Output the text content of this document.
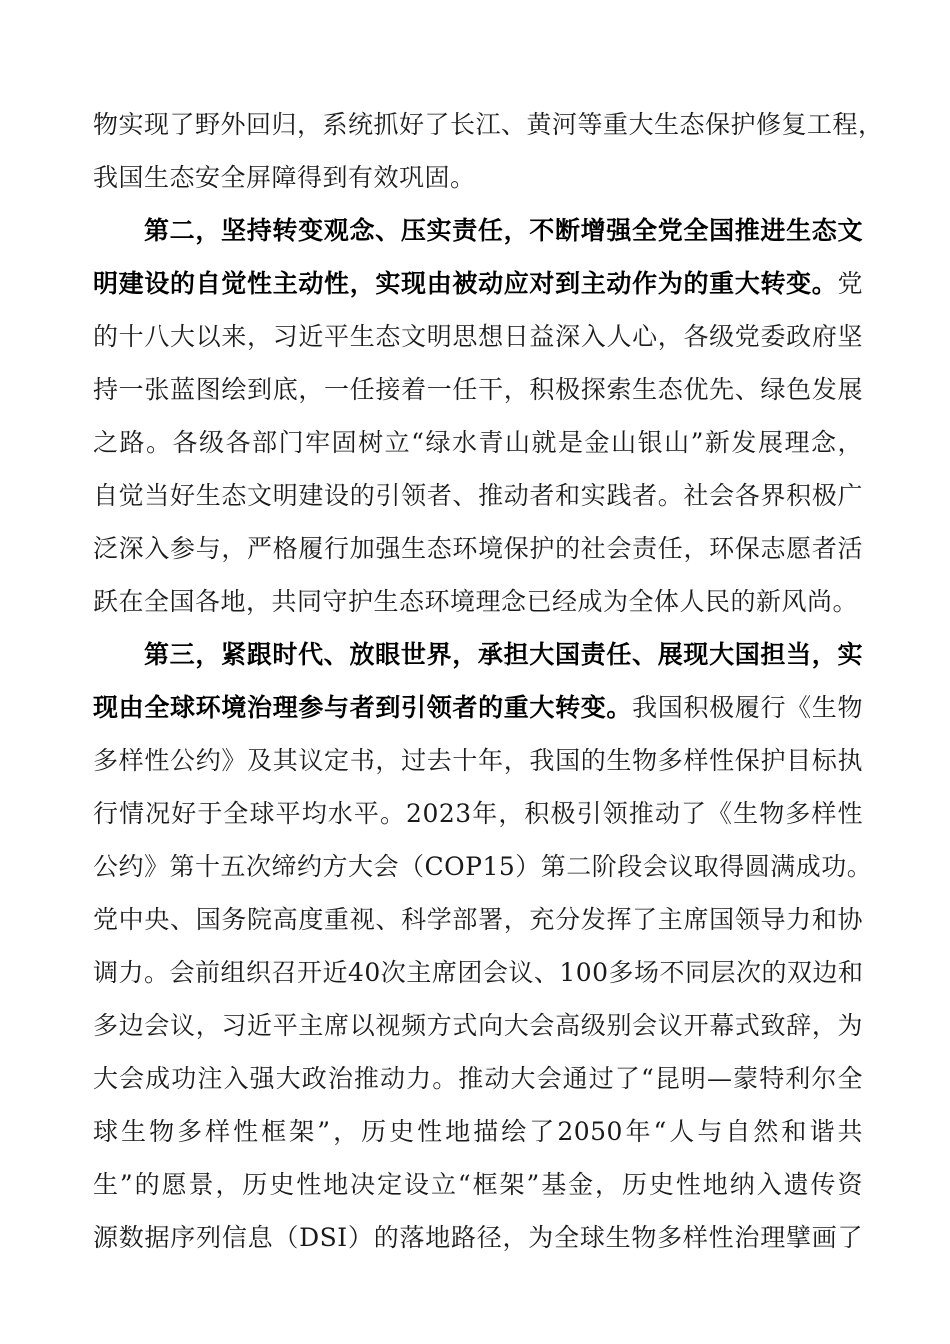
物实现了野外回归，系统抓好了长江、黄河等重大生态保护修复工程，
我国生态安全屏障得到有效巩固。
第二，坚持转变观念、压实责任，不断增强全党全国推进生态文
明建设的自觉性主动性，实现由被动应对到主动作为的重大转变。党
的十八大以来，习近平生态文明思想日益深入人心，各级党委政府坚
持一张蓝图绘到底，一任接着一任干，积极探索生态优先、绿色发展
之路。各级各部门牢固树立“绿水青山就是金山银山”新发展理念，
自觉当好生态文明建设的引领者、推动者和实践者。社会各界积极广
泛深入参与，严格履行加强生态环境保护的社会责任，环保志愿者活
跃在全国各地，共同守护生态环境理念已经成为全体人民的新风尚。
第三，紧跟时代、放眼世界，承担大国责任、展现大国担当，实
现由全球环境治理参与者到引领者的重大转变。我国积极履行《生物
多样性公约》及其议定书，过去十年，我国的生物多样性保护目标执
行情况好于全球平均水平。2023年，积极引领推动了《生物多样性
公约》第十五次缔约方大会（COP15）第二阶段会议取得圆满成功。
党中央、国务院高度重视、科学部署，充分发挥了主席国领导力和协
调力。会前组织召开近40次主席团会议、100多场不同层次的双边和
多边会议，习近平主席以视频方式向大会高级别会议开幕式致辞，为
大会成功注入强大政治推动力。推动大会通过了“昆明—蒙特利尔全
球生物多样性框架”，历史性地描绘了2050年“人与自然和谐共
生”的愿景，历史性地决定设立“框架”基金，历史性地纳入遗传资
源数据序列信息（DSI）的落地路径，为全球生物多样性治理擘画了
